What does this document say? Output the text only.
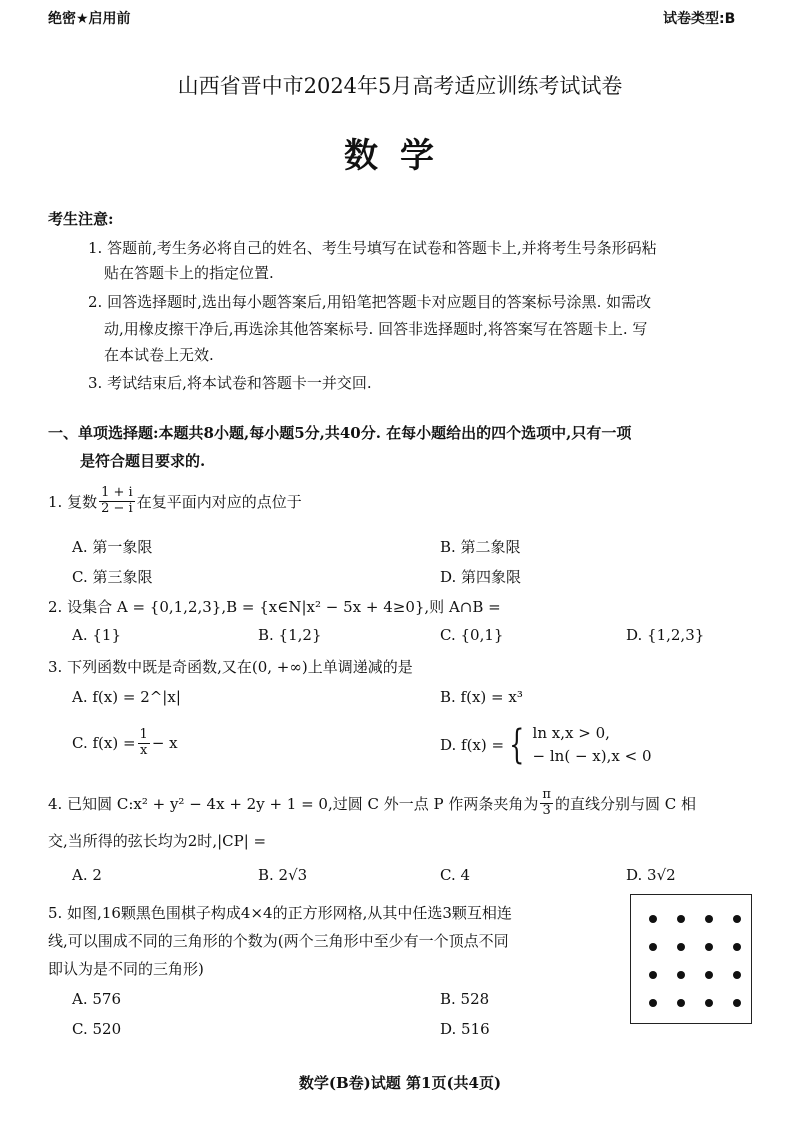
绝密★启用前	试卷类型:B
山西省晋中市2024年5月高考适应训练考试试卷
数学
考生注意:
1. 答题前,考生务必将自己的姓名、考生号填写在试卷和答题卡上,并将考生号条形码粘
贴在答题卡上的指定位置.
2. 回答选择题时,选出每小题答案后,用铅笔把答题卡对应题目的答案标号涂黑. 如需改
动,用橡皮擦干净后,再选涂其他答案标号. 回答非选择题时,将答案写在答题卡上. 写
在本试卷上无效.
3. 考试结束后,将本试卷和答题卡一并交回.
一、单项选择题:本题共8小题,每小题5分,共40分. 在每小题给出的四个选项中,只有一项
是符合题目要求的.
1. 复数 $\frac{1 + i}{2 - i}$ 在复平面内对应的点位于
A. 第一象限	B. 第二象限
C. 第三象限	D. 第四象限
2. 设集合 A = {0,1,2,3},B = {x∈N|x² − 5x + 4≥0},则 A∩B =
A. {1}	B. {1,2}	C. {0,1}	D. {1,2,3}
3. 下列函数中既是奇函数,又在(0, +∞)上单调递减的是
A. f(x) = 2^|x|	B. f(x) = x³
C. $f(x) = \frac{1}{x} - x$	D. f(x) = { ln x,x > 0,
− ln( − x),x < 0
4. 已知圆 C:x² + y² − 4x + 2y + 1 = 0,过圆 C 外一点 P 作两条夹角为 $\frac{\pi}{3}$ 的直线分别与圆 C 相
交,当所得的弦长均为2时,|CP| =
A. 2	B. 2√3	C. 4	D. 3√2
5. 如图,16颗黑色围棋子构成4×4的正方形网格,从其中任选3颗互相连
线,可以围成不同的三角形的个数为(两个三角形中至少有一个顶点不同
即认为是不同的三角形)
A. 576	B. 528
C. 520	D. 516
数学(B卷)试题 第1页(共4页)
